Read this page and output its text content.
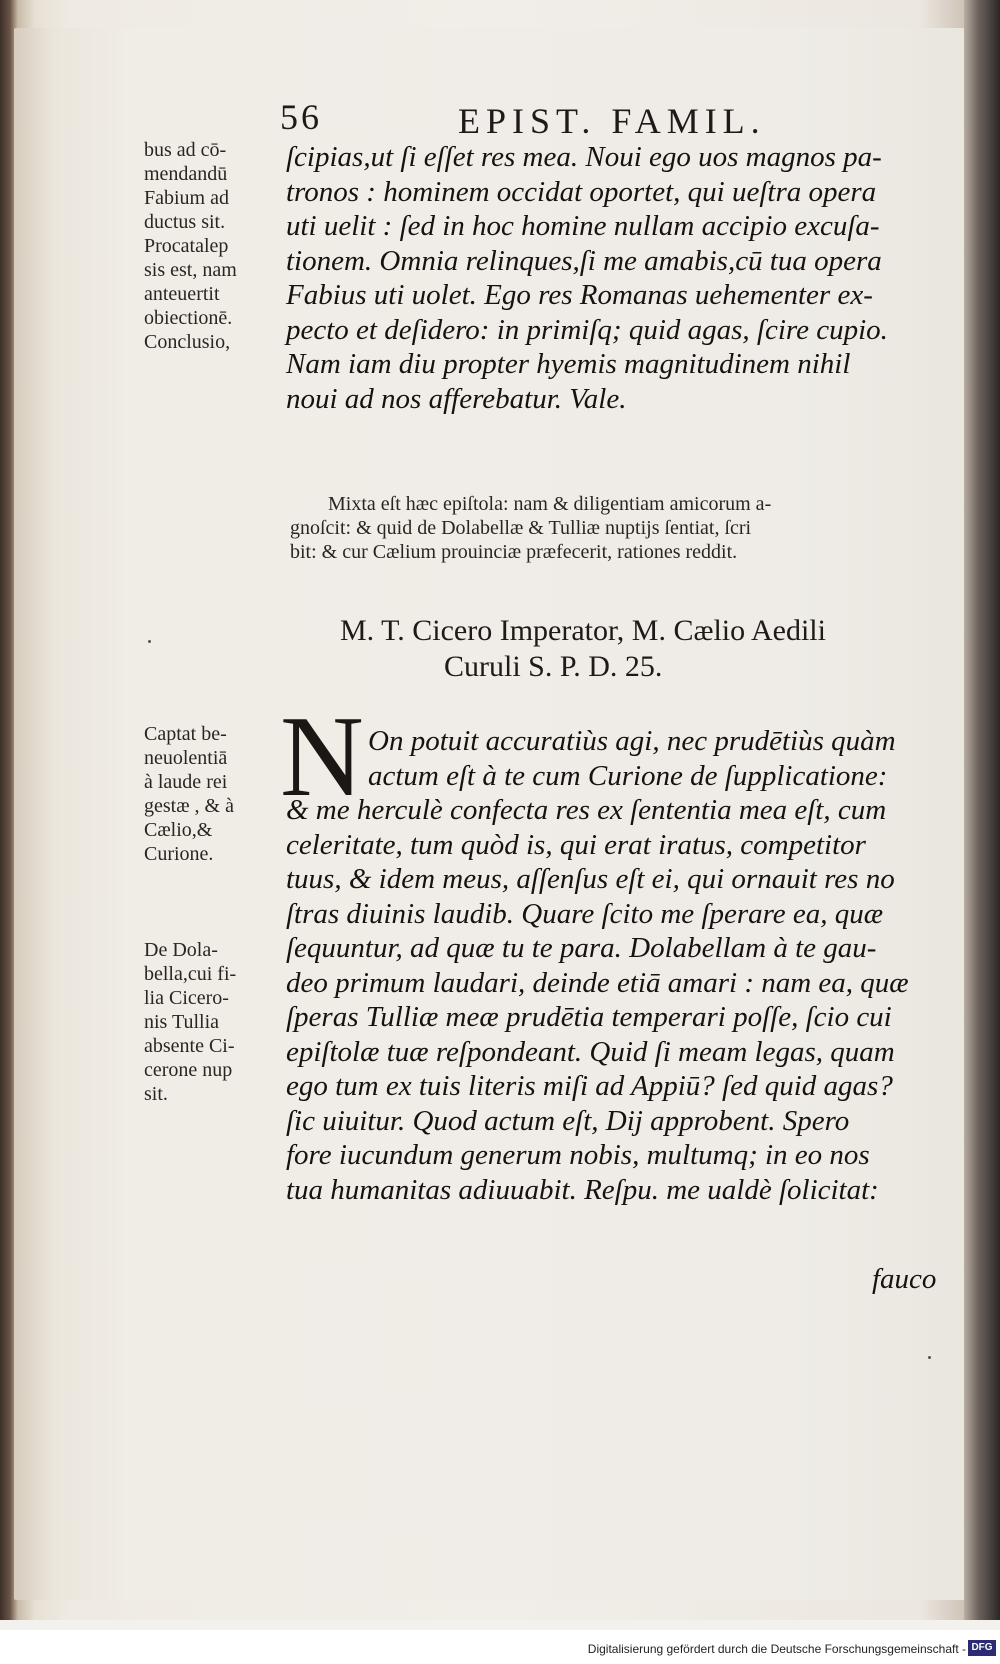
56	EPIST. FAMIL.
bus ad cō-
mendandū
Fabium ad
ductus sit.
Procatalep
sis est, nam
anteuertit
obiectionē.
Conclusio,
ſcipias,ut ſi eſſet res mea. Noui ego uos magnos pa-
tronos : hominem occidat oportet, qui ueſtra opera
uti uelit : ſed in hoc homine nullam accipio excuſa-
tionem. Omnia relinques,ſi me amabis,cū tua opera
Fabius uti uolet. Ego res Romanas uehementer ex-
pecto et deſidero: in primiſq; quid agas, ſcire cupio.
Nam iam diu propter hyemis magnitudinem nihil
noui ad nos afferebatur. Vale.
Mixta eſt hæc epiſtola: nam & diligentiam amicorum a-
gnoſcit: & quid de Dolabellæ & Tulliæ nuptijs ſentiat, ſcri
bit: & cur Cælium prouinciæ præfecerit, rationes reddit.
M. T. Cicero Imperator, M. Cælio Aedili
Curuli S. P. D. 25.
Captat be-
neuolentiā
à laude rei
gestæ , & à
Cælio,&
Curione.
N On potuit accuratiùs agi, nec prudētiùs quàm
actum eſt à te cum Curione de ſupplicatione:
& me herculè confecta res ex ſententia mea eſt, cum
celeritate, tum quòd is, qui erat iratus, competitor
tuus, & idem meus, aſſenſus eſt ei, qui ornauit res no
ſtras diuinis laudib. Quare ſcito me ſperare ea, quæ
ſequuntur, ad quæ tu te para. Dolabellam à te gau-
deo primum laudari, deinde etiā amari : nam ea, quæ
ſperas Tulliæ meæ prudētia temperari poſſe, ſcio cui
epiſtolæ tuæ reſpondeant. Quid ſi meam legas, quam
ego tum ex tuis literis miſi ad Appiū? ſed quid agas?
ſic uiuitur. Quod actum eſt, Dij approbent. Spero
fore iucundum generum nobis, multumq; in eo nos
tua humanitas adiuuabit. Reſpu. me ualdè ſolicitat:
De Dola-
bella,cui fi-
lia Cicero-
nis Tullia
absente Ci-
cerone nup
sit.
fauco
Digitalisierung gefördert durch die Deutsche Forschungsgemeinschaft - DFG
